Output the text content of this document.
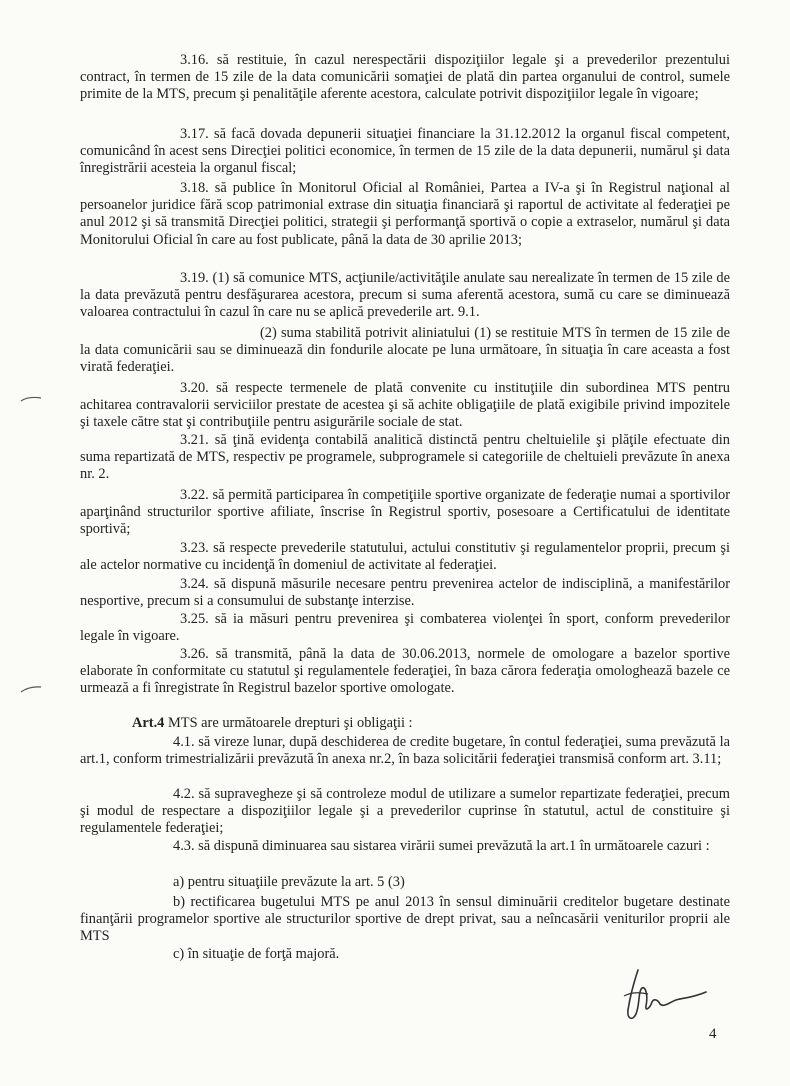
3.16. să restituie, în cazul nerespectării dispoziţiilor legale şi a prevederilor prezentului contract, în termen de 15 zile de la data comunicării somaţiei de plată din partea organului de control, sumele primite de la MTS, precum şi penalităţile aferente acestora, calculate potrivit dispoziţiilor legale în vigoare;

3.17. să facă dovada depunerii situaţiei financiare la 31.12.2012 la organul fiscal competent, comunicând în acest sens Direcţiei politici economice, în termen de 15 zile de la data depunerii, numărul şi data înregistrării acesteia la organul fiscal;

3.18. să publice în Monitorul Oficial al României, Partea a IV-a şi în Registrul naţional al persoanelor juridice fără scop patrimonial extrase din situaţia financiară şi raportul de activitate al federaţiei pe anul 2012 şi să transmită Direcţiei politici, strategii şi performanţă sportivă o copie a extraselor, numărul şi data Monitorului Oficial în care au fost publicate, până la data de 30 aprilie 2013;

3.19. (1) să comunice MTS, acţiunile/activităţile anulate sau nerealizate în termen de 15 zile de la data prevăzută pentru desfăşurarea acestora, precum si suma aferentă acestora, sumă cu care se diminuează valoarea contractului în cazul în care nu se aplică prevederile art. 9.1.

(2) suma stabilită potrivit aliniatului (1) se restituie MTS în termen de 15 zile de la data comunicării sau se diminuează din fondurile alocate pe luna următoare, în situaţia în care aceasta a fost virată federaţiei.

3.20. să respecte termenele de plată convenite cu instituţiile din subordinea MTS pentru achitarea contravalorii serviciilor prestate de acestea şi să achite obligaţiile de plată exigibile privind impozitele şi taxele către stat şi contribuţiile pentru asigurările sociale de stat.

3.21. să ţină evidenţa contabilă analitică distinctă pentru cheltuielile şi plăţile efectuate din suma repartizată de MTS, respectiv pe programele, subprogramele si categoriile de cheltuieli prevăzute în anexa nr. 2.

3.22. să permită participarea în competiţiile sportive organizate de federaţie numai a sportivilor aparţinând structurilor sportive afiliate, înscrise în Registrul sportiv, posesoare a Certificatului de identitate sportivă;

3.23. să respecte prevederile statutului, actului constitutiv şi regulamentelor proprii, precum şi ale actelor normative cu incidenţă în domeniul de activitate al federaţiei.

3.24. să dispună măsurile necesare pentru prevenirea actelor de indisciplină, a manifestărilor nesportive, precum si a consumului de substanţe interzise.

3.25. să ia măsuri pentru prevenirea şi combaterea violenţei în sport, conform prevederilor legale în vigoare.

3.26. să transmită, până la data de 30.06.2013, normele de omologare a bazelor sportive elaborate în conformitate cu statutul şi regulamentele federaţiei, în baza cărora federaţia omologhează bazele ce urmează a fi înregistrate în Registrul bazelor sportive omologate.

Art.4 MTS are următoarele drepturi şi obligaţii :

4.1. să vireze lunar, după deschiderea de credite bugetare, în contul federaţiei, suma prevăzută la art.1, conform trimestrializării prevăzută în anexa nr.2, în baza solicitării federaţiei transmisă conform art. 3.11;

4.2. să supravegheze şi să controleze modul de utilizare a sumelor repartizate federaţiei, precum şi modul de respectare a dispoziţiilor legale şi a prevederilor cuprinse în statutul, actul de constituire şi regulamentele federaţiei;

4.3. să dispună diminuarea sau sistarea virării sumei prevăzută la art.1 în următoarele cazuri :

a) pentru situaţiile prevăzute la art. 5 (3)

b) rectificarea bugetului MTS pe anul 2013 în sensul diminuării creditelor bugetare destinate finanţării programelor sportive ale structurilor sportive de drept privat, sau a neîncasării veniturilor proprii ale MTS

c) în situaţie de forţă majoră.

4
